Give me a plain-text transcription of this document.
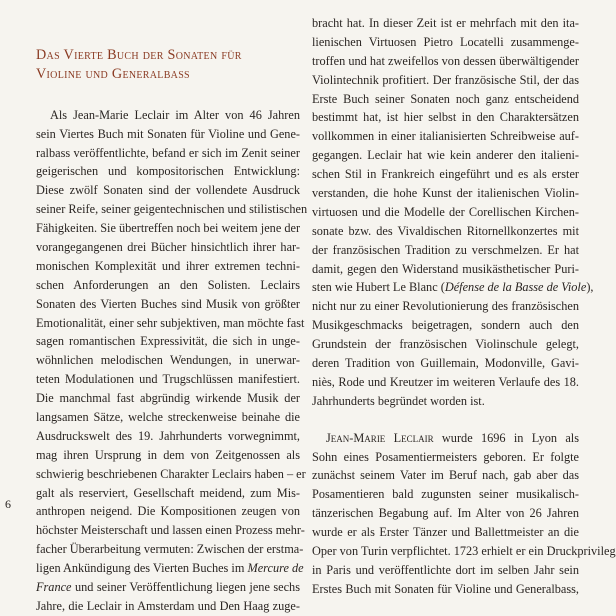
Das Vierte Buch der Sonaten für
Violine und Generalbass
Als Jean-Marie Leclair im Alter von 46 Jahren
sein Viertes Buch mit Sonaten für Violine und Gene-
ralbass veröffentlichte, befand er sich im Zenit seiner
geigerischen und kompositorischen Entwicklung:
Diese zwölf Sonaten sind der vollendete Ausdruck
seiner Reife, seiner geigentechnischen und stilistischen
Fähigkeiten. Sie übertreffen noch bei weitem jene der
vorangegangenen drei Bücher hinsichtlich ihrer har-
monischen Komplexität und ihrer extremen techni-
schen Anforderungen an den Solisten. Leclairs
Sonaten des Vierten Buches sind Musik von größter
Emotionalität, einer sehr subjektiven, man möchte fast
sagen romantischen Expressivität, die sich in unge-
wöhnlichen melodischen Wendungen, in unerwar-
teten Modulationen und Trugschlüssen manifestiert.
Die manchmal fast abgründig wirkende Musik der
langsamen Sätze, welche streckenweise beinahe die
Ausdruckswelt des 19. Jahrhunderts vorwegnimmt,
mag ihren Ursprung in dem von Zeitgenossen als
schwierig beschriebenen Charakter Leclairs haben – er
galt als reserviert, Gesellschaft meidend, zum Mis-
anthropen neigend. Die Kompositionen zeugen von
höchster Meisterschaft und lassen einen Prozess mehr-
facher Überarbeitung vermuten: Zwischen der erstma-
ligen Ankündigung des Vierten Buches im Mercure de
France und seiner Veröffentlichung liegen jene sechs
Jahre, die Leclair in Amsterdam und Den Haag zuge-
bracht hat. In dieser Zeit ist er mehrfach mit den ita-
lienischen Virtuosen Pietro Locatelli zusammenge-
troffen und hat zweifellos von dessen überwältigender
Violintechnik profitiert. Der französische Stil, der das
Erste Buch seiner Sonaten noch ganz entscheidend
bestimmt hat, ist hier selbst in den Charaktersätzen
vollkommen in einer italianisierten Schreibweise auf-
gegangen. Leclair hat wie kein anderer den italieni-
schen Stil in Frankreich eingeführt und es als erster
verstanden, die hohe Kunst der italienischen Violin-
virtuosen und die Modelle der Corellischen Kirchen-
sonate bzw. des Vivaldischen Ritornellkonzertes mit
der französischen Tradition zu verschmelzen. Er hat
damit, gegen den Widerstand musikästhetischer Puri-
sten wie Hubert Le Blanc (Défense de la Basse de Viole),
nicht nur zu einer Revolutionierung des französischen
Musikgeschmacks beigetragen, sondern auch den
Grundstein der französischen Violinschule gelegt,
deren Tradition von Guillemain, Modonville, Gavi-
niès, Rode und Kreutzer im weiteren Verlaufe des 18.
Jahrhunderts begründet worden ist.
Jean-Marie Leclair wurde 1696 in Lyon als
Sohn eines Posamentiermeisters geboren. Er folgte
zunächst seinem Vater im Beruf nach, gab aber das
Posamentieren bald zugunsten seiner musikalisch-
tänzerischen Begabung auf. Im Alter von 26 Jahren
wurde er als Erster Tänzer und Ballettmeister an die
Oper von Turin verpflichtet. 1723 erhielt er ein Druckprivileg
in Paris und veröffentlichte dort im selben Jahr sein
Erstes Buch mit Sonaten für Violine und Generalbass,
6
